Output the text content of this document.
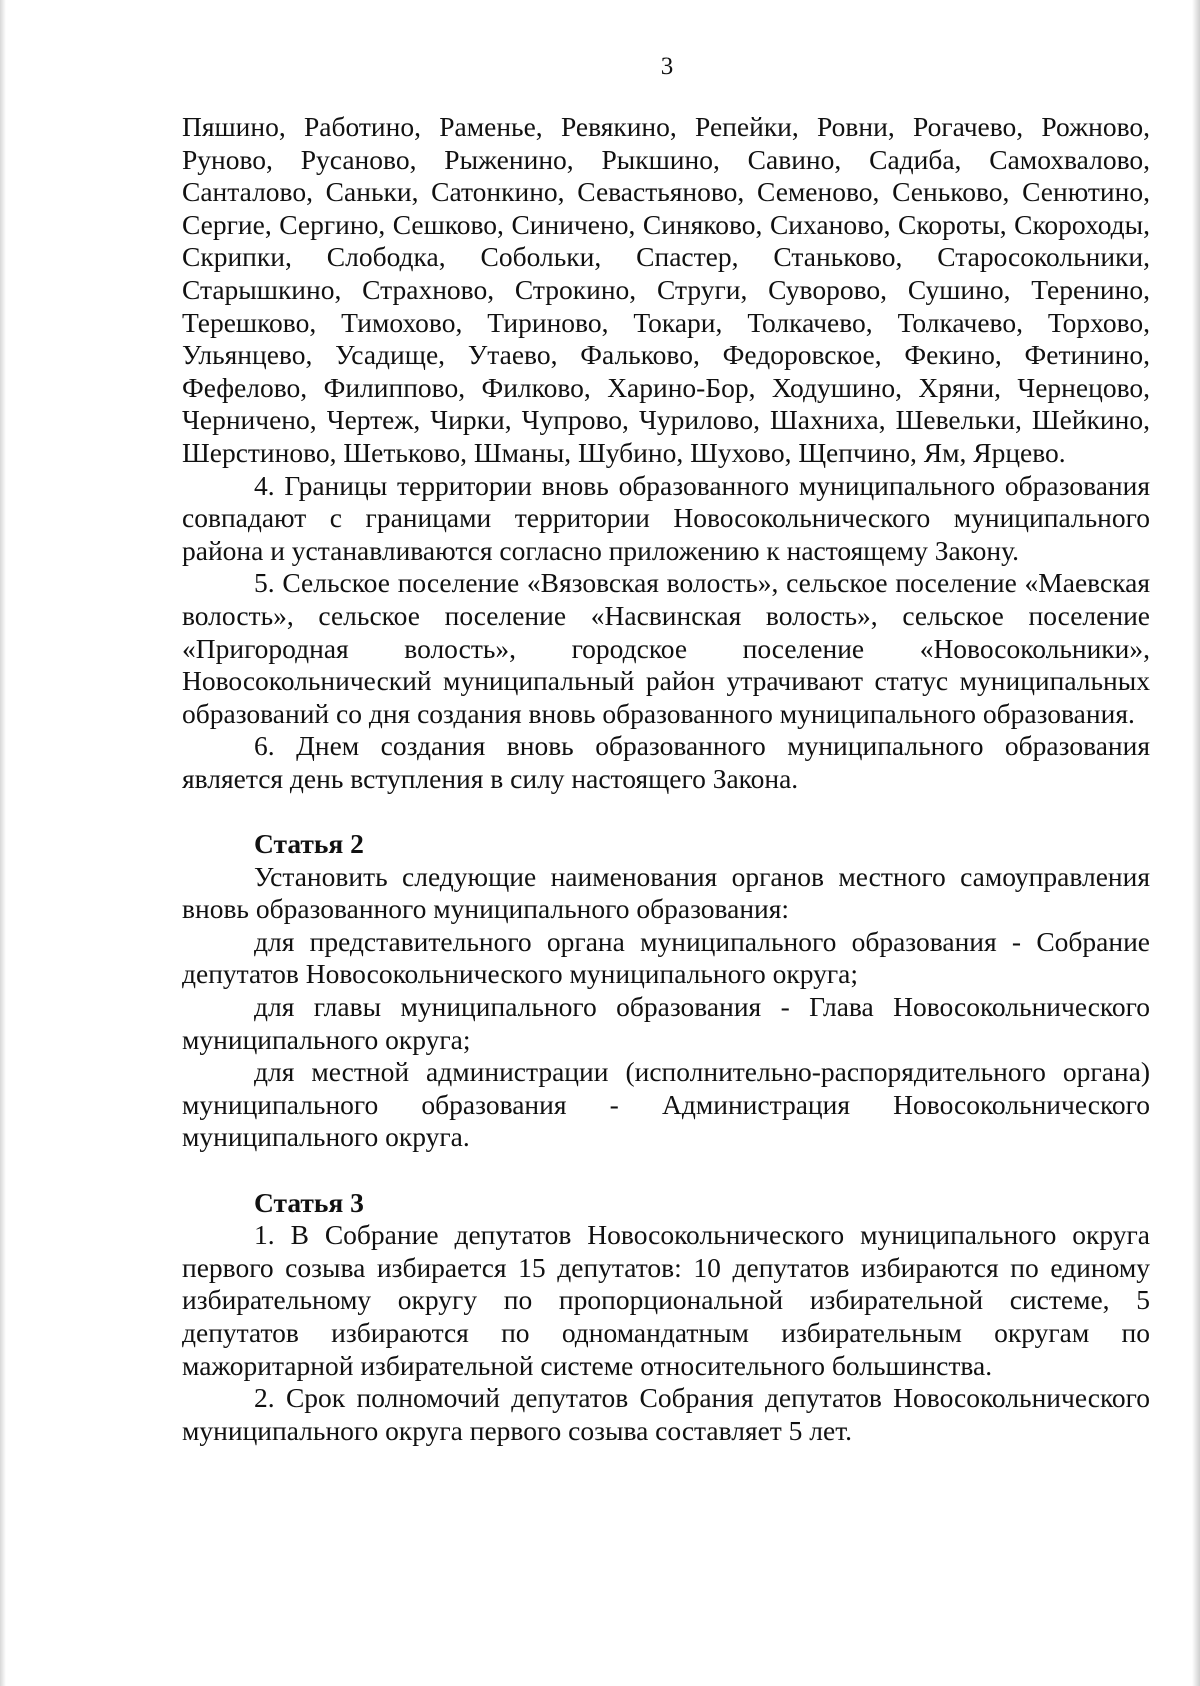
3

Пяшино, Работино, Раменье, Ревякино, Репейки, Ровни, Рогачево, Рожново, Руново, Русаново, Рыженино, Рыкшино, Савино, Садиба, Самохвалово, Санталово, Саньки, Сатонкино, Севастьяново, Семеново, Сеньково, Сенютино, Сергие, Сергино, Сешково, Синичено, Синяково, Сиханово, Скороты, Скороходы, Скрипки, Слободка, Собольки, Спастер, Станьково, Старосокольники, Старышкино, Страхново, Строкино, Струги, Суворово, Сушино, Теренино, Терешково, Тимохово, Тириново, Токари, Толкачево, Толкачево, Торхово, Ульянцево, Усадище, Утаево, Фальково, Федоровское, Фекино, Фетинино, Фефелово, Филиппово, Филково, Харино-Бор, Ходушино, Хряни, Чернецово, Черничено, Чертеж, Чирки, Чупрово, Чурилово, Шахниха, Шевельки, Шейкино, Шерстиново, Шетьково, Шманы, Шубино, Шухово, Щепчино, Ям, Ярцево.

4. Границы территории вновь образованного муниципального образования совпадают с границами территории Новосокольнического муниципального района и устанавливаются согласно приложению к настоящему Закону.

5. Сельское поселение «Вязовская волость», сельское поселение «Маевская волость», сельское поселение «Насвинская волость», сельское поселение «Пригородная волость», городское поселение «Новосокольники», Новосокольнический муниципальный район утрачивают статус муниципальных образований со дня создания вновь образованного муниципального образования.

6. Днем создания вновь образованного муниципального образования является день вступления в силу настоящего Закона.

Статья 2

Установить следующие наименования органов местного самоуправления вновь образованного муниципального образования:

для представительного органа муниципального образования - Собрание депутатов Новосокольнического муниципального округа;

для главы муниципального образования - Глава Новосокольнического муниципального округа;

для местной администрации (исполнительно-распорядительного органа) муниципального образования - Администрация Новосокольнического муниципального округа.

Статья 3

1. В Собрание депутатов Новосокольнического муниципального округа первого созыва избирается 15 депутатов: 10 депутатов избираются по единому избирательному округу по пропорциональной избирательной системе, 5 депутатов избираются по одномандатным избирательным округам по мажоритарной избирательной системе относительного большинства.

2. Срок полномочий депутатов Собрания депутатов Новосокольнического муниципального округа первого созыва составляет 5 лет.
